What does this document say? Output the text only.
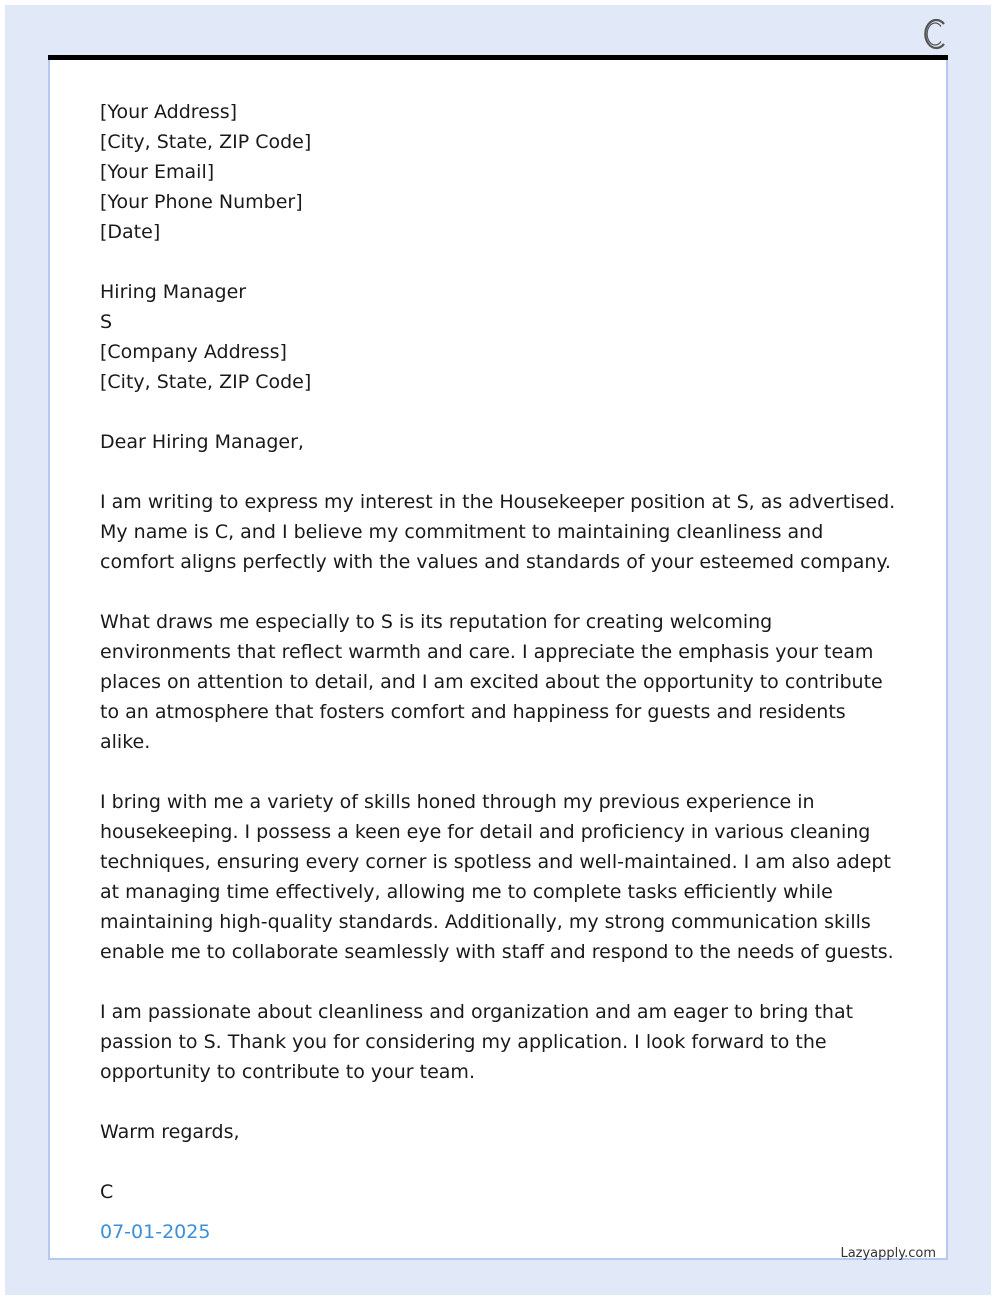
[Your Address]
[City, State, ZIP Code]
[Your Email]
[Your Phone Number]
[Date]
Hiring Manager
S
[Company Address]
[City, State, ZIP Code]
Dear Hiring Manager,

I am writing to express my interest in the Housekeeper position at S, as advertised. My name is C, and I believe my commitment to maintaining cleanliness and comfort aligns perfectly with the values and standards of your esteemed company.

What draws me especially to S is its reputation for creating welcoming environments that reflect warmth and care. I appreciate the emphasis your team places on attention to detail, and I am excited about the opportunity to contribute to an atmosphere that fosters comfort and happiness for guests and residents alike.

I bring with me a variety of skills honed through my previous experience in housekeeping. I possess a keen eye for detail and proficiency in various cleaning techniques, ensuring every corner is spotless and well-maintained. I am also adept at managing time effectively, allowing me to complete tasks efficiently while maintaining high-quality standards. Additionally, my strong communication skills enable me to collaborate seamlessly with staff and respond to the needs of guests.

I am passionate about cleanliness and organization and am eager to bring that passion to S. Thank you for considering my application. I look forward to the opportunity to contribute to your team.

Warm regards,
C
07-01-2025
Lazyapply.com
